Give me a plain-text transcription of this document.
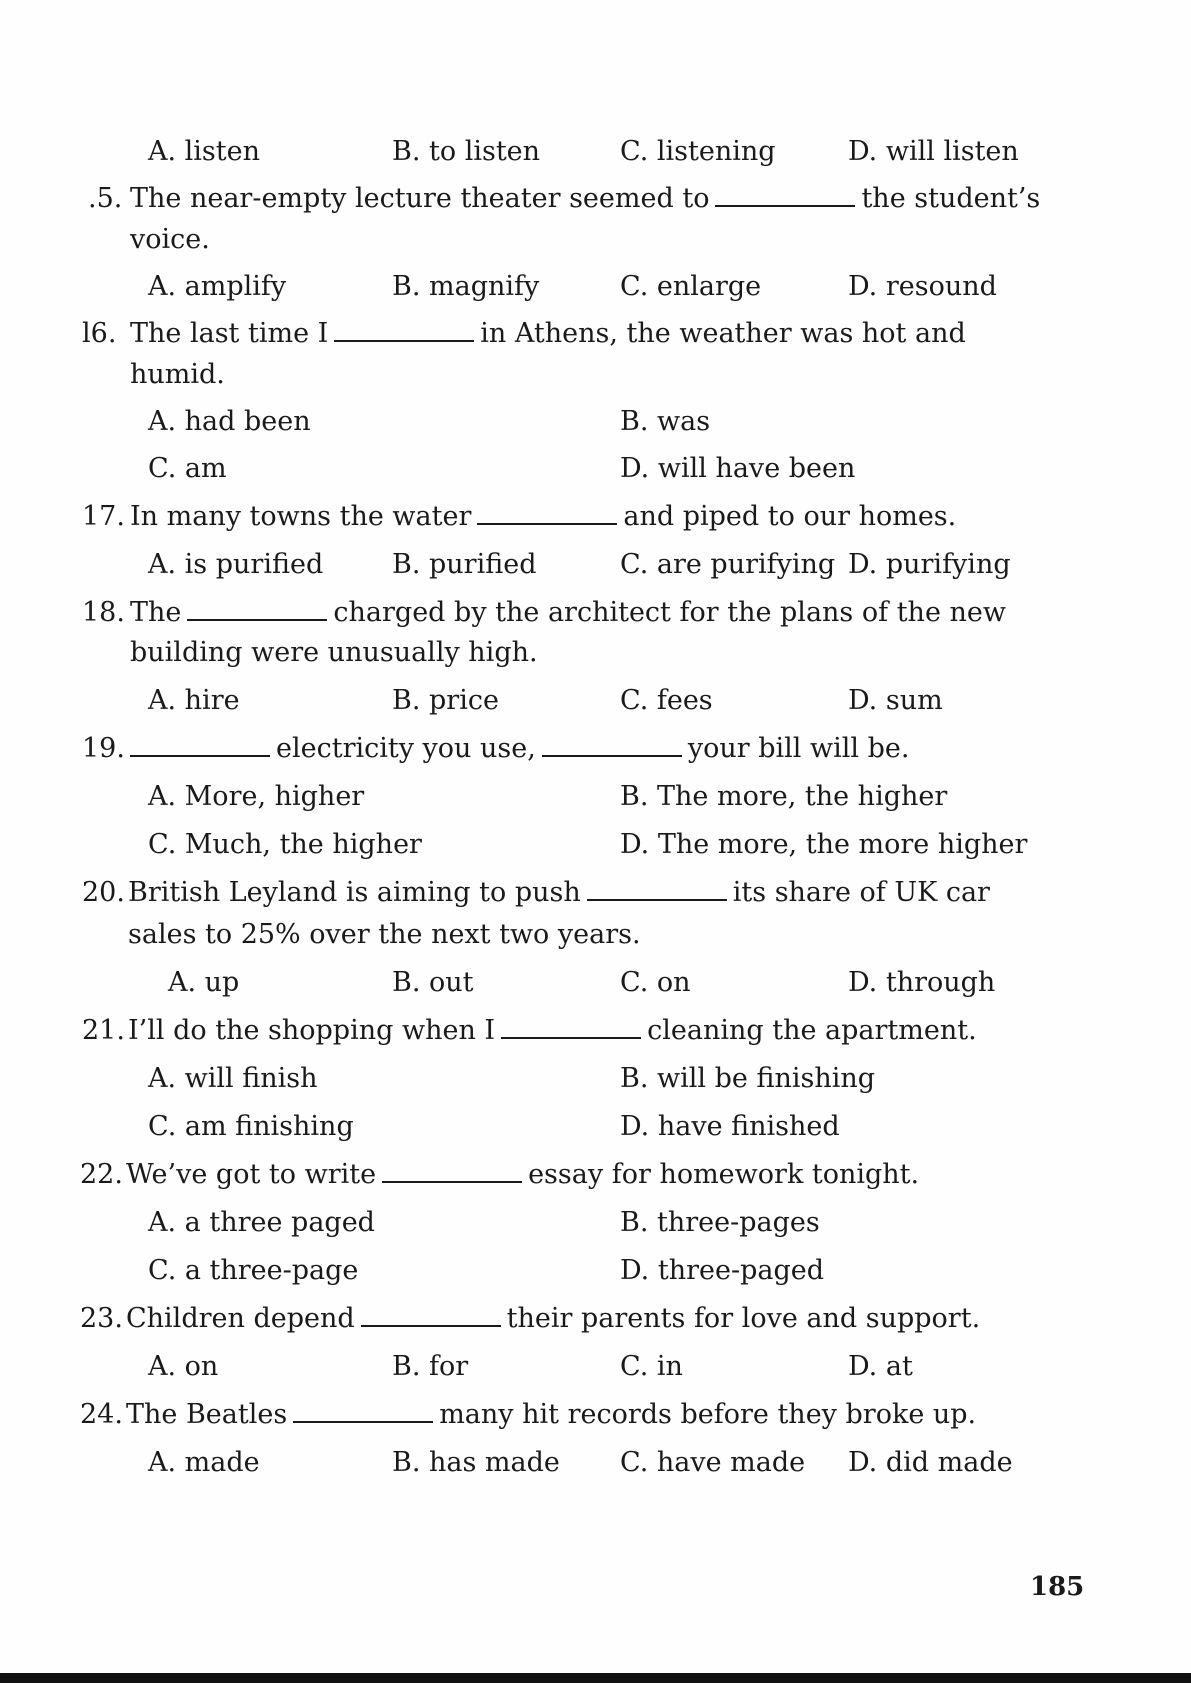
A. listen	B. to listen	C. listening	D. will listen
.5. The near-empty lecture theater seemed to	the student’s
voice.
A. amplify	B. magnify	C. enlarge	D. resound
l6. The last time I	in Athens, the weather was hot and
humid.
A. had been	B. was
C. am	D. will have been
17. In many towns the water	and piped to our homes.
A. is purified	B. purified	C. are purifying D. purifying
18. The	charged by the architect for the plans of the new
building were unusually high.
A. hire	B. price	C. fees	D. sum
19.	electricity you use,	your bill will be.
A. More, higher	B. The more, the higher
C. Much, the higher	D. The more, the more higher
20. British Leyland is aiming to push	its share of UK car
sales to 25% over the next two years.
A. up	B. out	C. on	D. through
21. I’ll do the shopping when I	cleaning the apartment.
A. will finish	B. will be finishing
C. am finishing	D. have finished
22. We’ve got to write	essay for homework tonight.
A. a three paged	B. three-pages
C. a three-page	D. three-paged
23. Children depend	their parents for love and support.
A. on	B. for	C. in	D. at
24. The Beatles	many hit records before they broke up.
A. made	B. has made C. have made D. did made
185
